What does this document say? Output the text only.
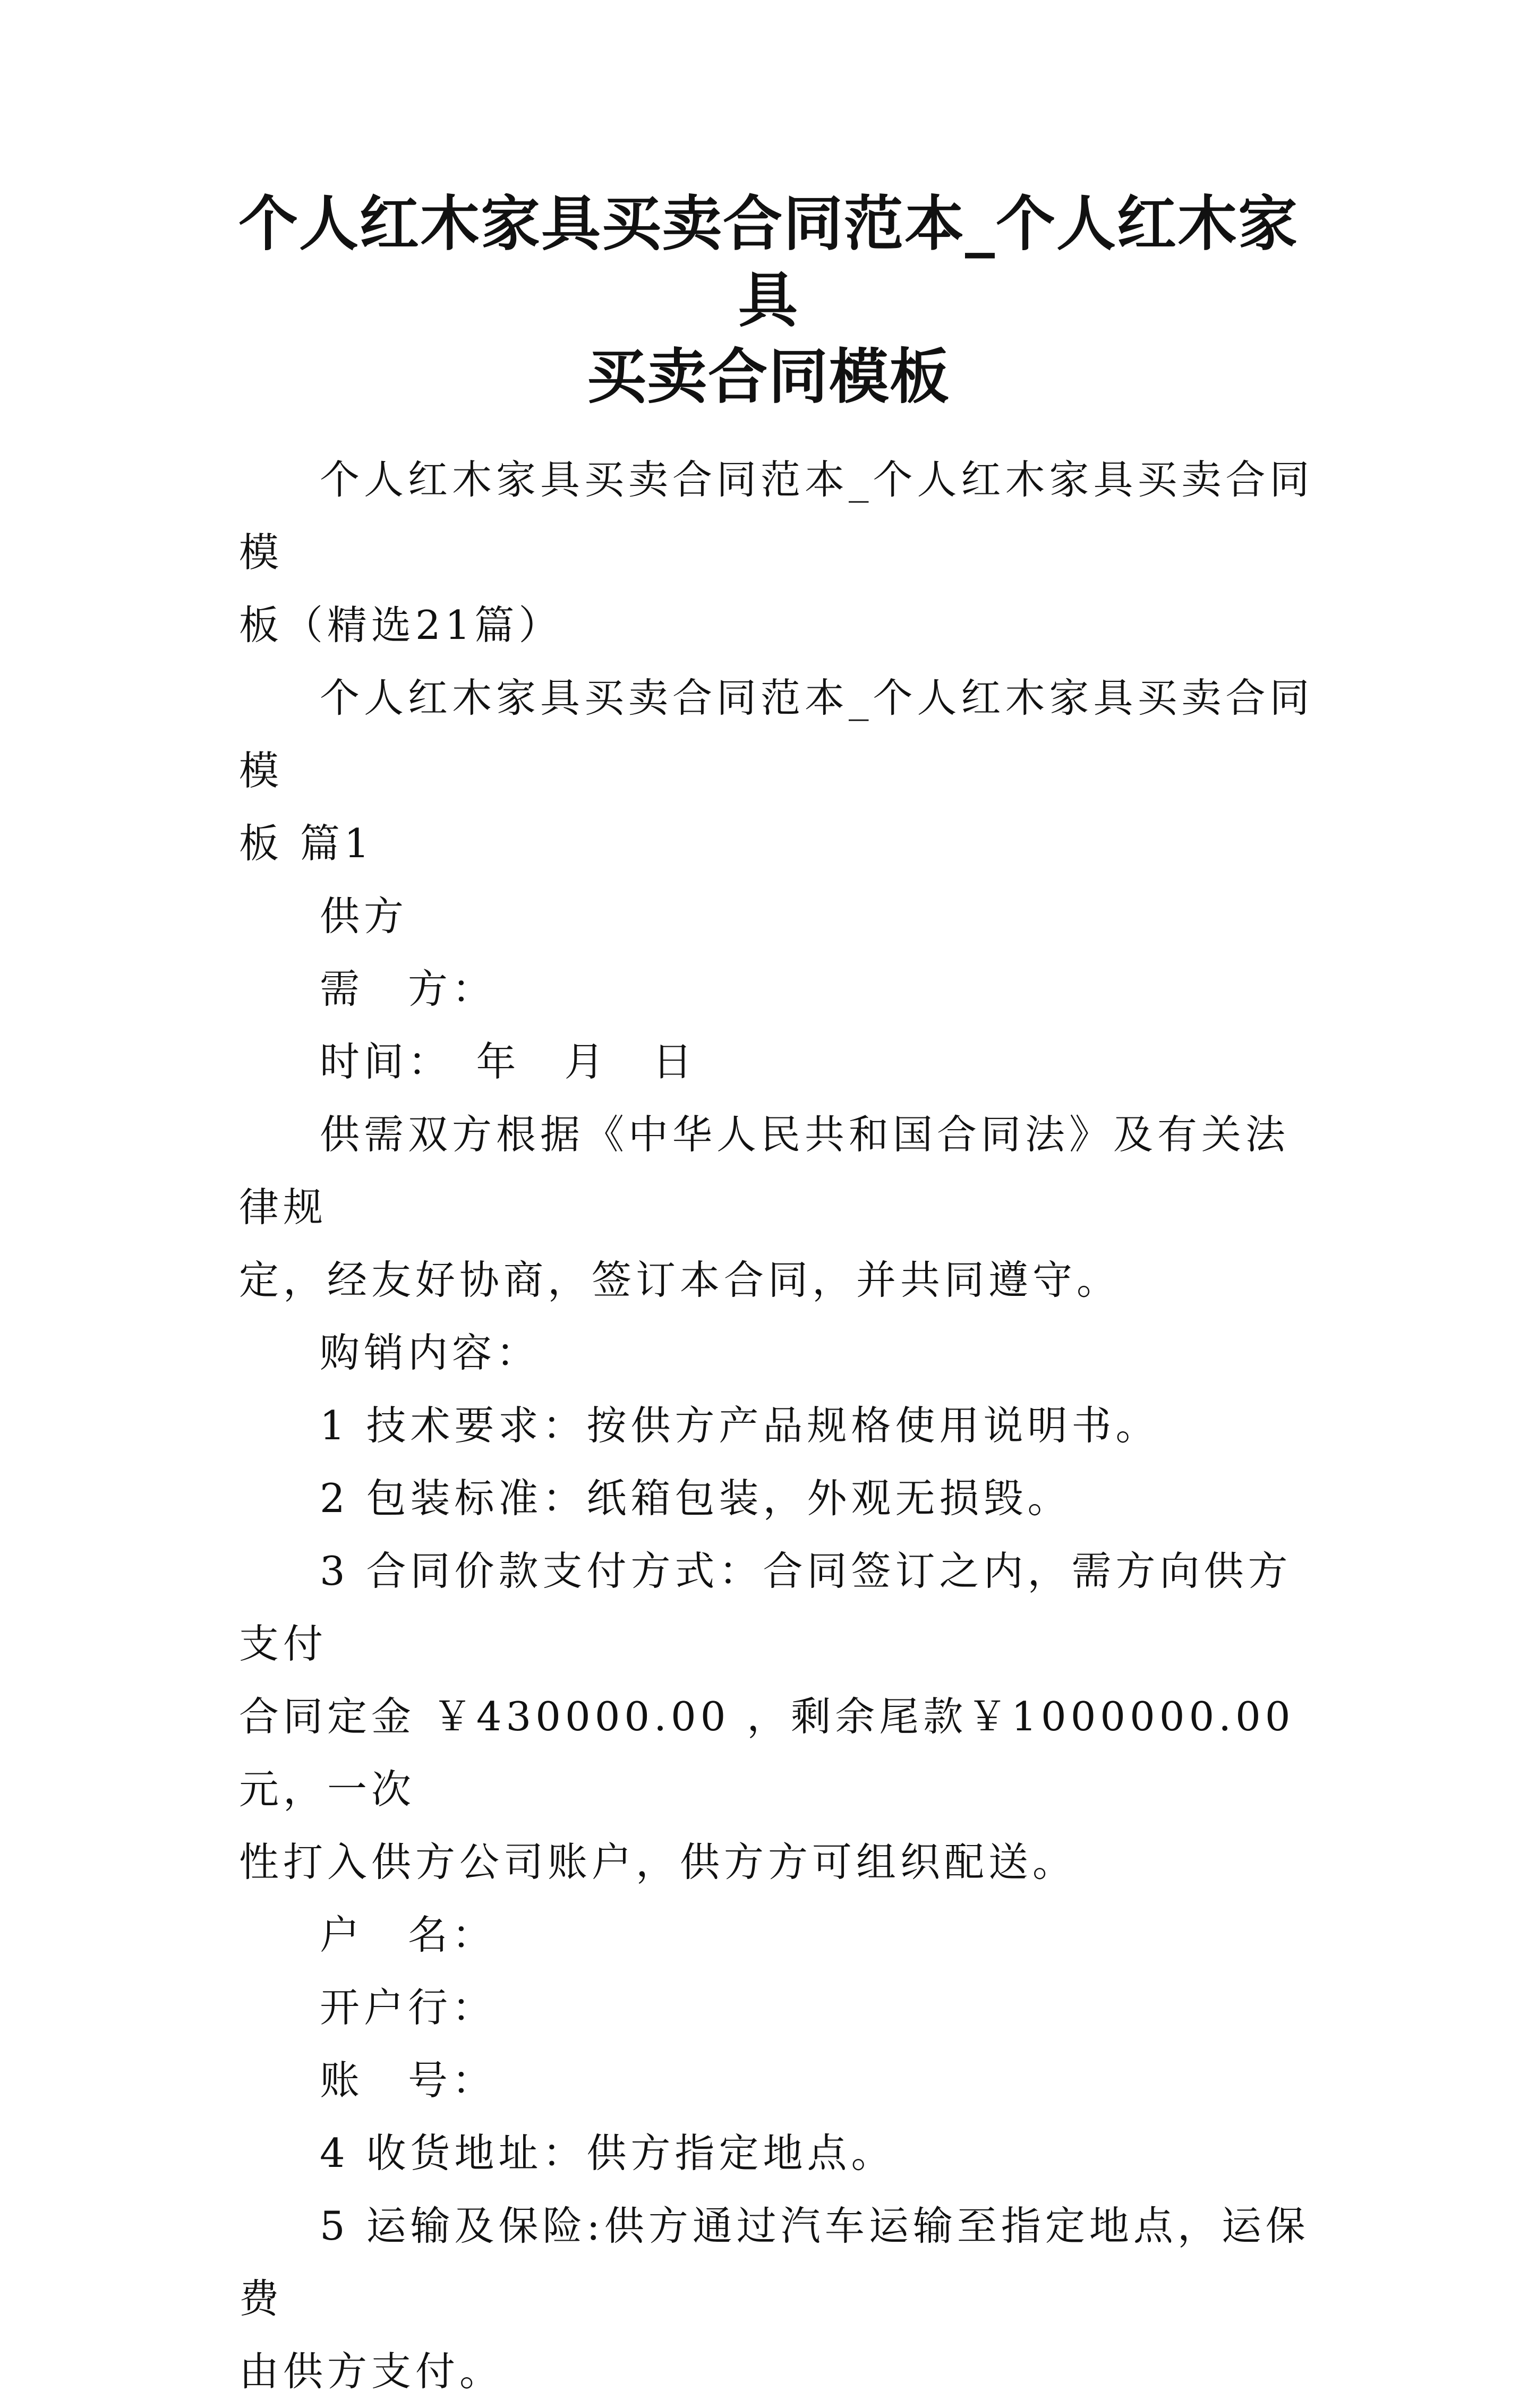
个人红木家具买卖合同范本_个人红木家具
买卖合同模板

个人红木家具买卖合同范本_个人红木家具买卖合同模
板（精选21篇）

个人红木家具买卖合同范本_个人红木家具买卖合同模
板 篇1

供方

需　方：

时间：　年　月　日

供需双方根据《中华人民共和国合同法》及有关法律规
定，经友好协商，签订本合同，并共同遵守。

购销内容：

1 技术要求：按供方产品规格使用说明书。

2 包装标准：纸箱包装，外观无损毁。

3 合同价款支付方式：合同签订之内，需方向供方支付
合同定金 ￥430000.00 ，剩余尾款￥1000000.00元，一次
性打入供方公司账户，供方方可组织配送。

户　名：

开户行：

账　号：

4 收货地址：供方指定地点。

5 运输及保险:供方通过汽车运输至指定地点，运保费
由供方支付。
